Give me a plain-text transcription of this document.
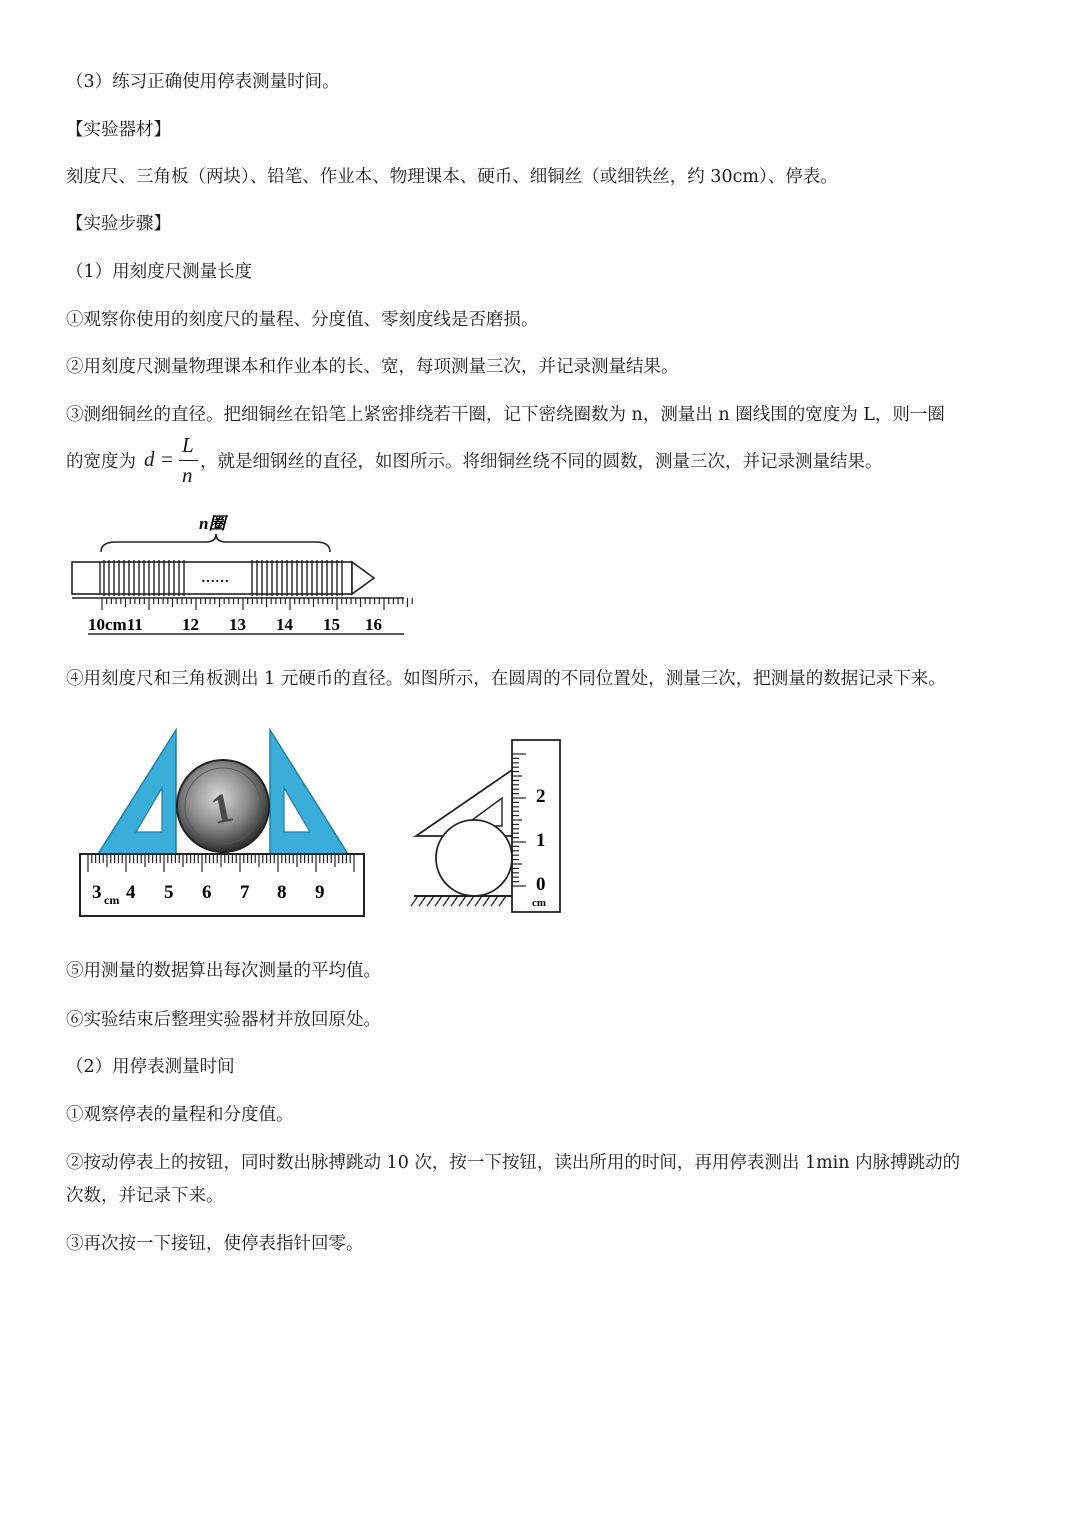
（3）练习正确使用停表测量时间。
【实验器材】
刻度尺、三角板（两块）、铅笔、作业本、物理课本、硬币、细铜丝（或细铁丝，约 30cm）、停表。
【实验步骤】
（1）用刻度尺测量长度
①观察你使用的刻度尺的量程、分度值、零刻度线是否磨损。
②用刻度尺测量物理课本和作业本的长、宽，每项测量三次，并记录测量结果。
③测细铜丝的直径。把细铜丝在铅笔上紧密排绕若干圈，记下密绕圈数为 n，测量出 n 圈线围的宽度为 L，则一圈
的宽度为 d =
L
n
，就是细钢丝的直径，如图所示。将细铜丝绕不同的圆数，测量三次，并记录测量结果。
n圈
……
10cm11 12 13 14 15 16
④用刻度尺和三角板测出 1 元硬币的直径。如图所示，在圆周的不同位置处，测量三次，把测量的数据记录下来。
1
3 cm 4 5 6 7 8 9
2
1
0
cm
⑤用测量的数据算出每次测量的平均值。
⑥实验结束后整理实验器材并放回原处。
（2）用停表测量时间
①观察停表的量程和分度值。
②按动停表上的按钮，同时数出脉搏跳动 10 次，按一下按钮，读出所用的时间，再用停表测出 1min 内脉搏跳动的
次数，并记录下来。
③再次按一下接钮，使停表指针回零。
